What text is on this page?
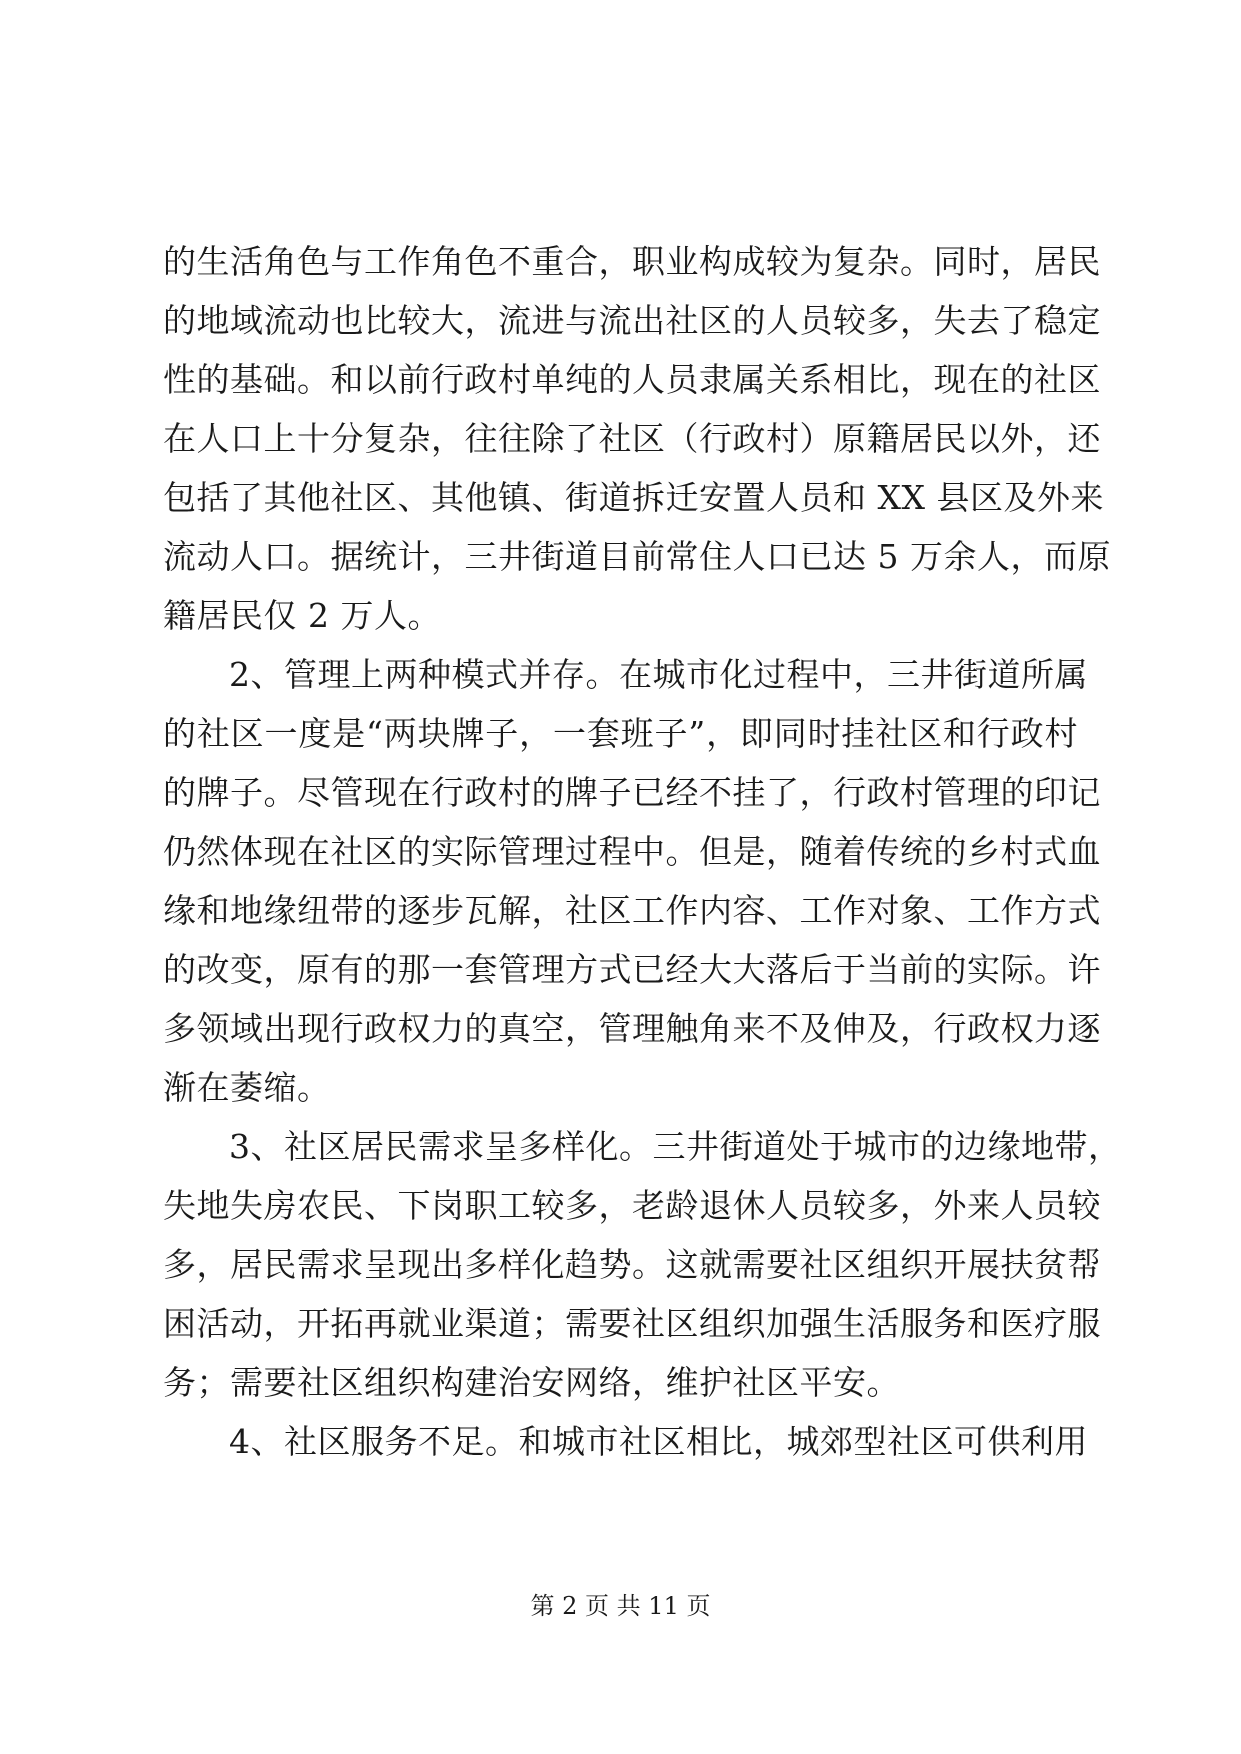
的生活角色与工作角色不重合，职业构成较为复杂。同时，居民
的地域流动也比较大，流进与流出社区的人员较多，失去了稳定
性的基础。和以前行政村单纯的人员隶属关系相比，现在的社区
在人口上十分复杂，往往除了社区（行政村）原籍居民以外，还
包括了其他社区、其他镇、街道拆迁安置人员和 XX 县区及外来
流动人口。据统计，三井街道目前常住人口已达 5 万余人，而原
籍居民仅 2 万人。
2、管理上两种模式并存。在城市化过程中，三井街道所属
的社区一度是“两块牌子，一套班子”，即同时挂社区和行政村
的牌子。尽管现在行政村的牌子已经不挂了，行政村管理的印记
仍然体现在社区的实际管理过程中。但是，随着传统的乡村式血
缘和地缘纽带的逐步瓦解，社区工作内容、工作对象、工作方式
的改变，原有的那一套管理方式已经大大落后于当前的实际。许
多领域出现行政权力的真空，管理触角来不及伸及，行政权力逐
渐在萎缩。
3、社区居民需求呈多样化。三井街道处于城市的边缘地带，
失地失房农民、下岗职工较多，老龄退休人员较多，外来人员较
多，居民需求呈现出多样化趋势。这就需要社区组织开展扶贫帮
困活动，开拓再就业渠道；需要社区组织加强生活服务和医疗服
务；需要社区组织构建治安网络，维护社区平安。
4、社区服务不足。和城市社区相比，城郊型社区可供利用
第 2 页 共 11 页
